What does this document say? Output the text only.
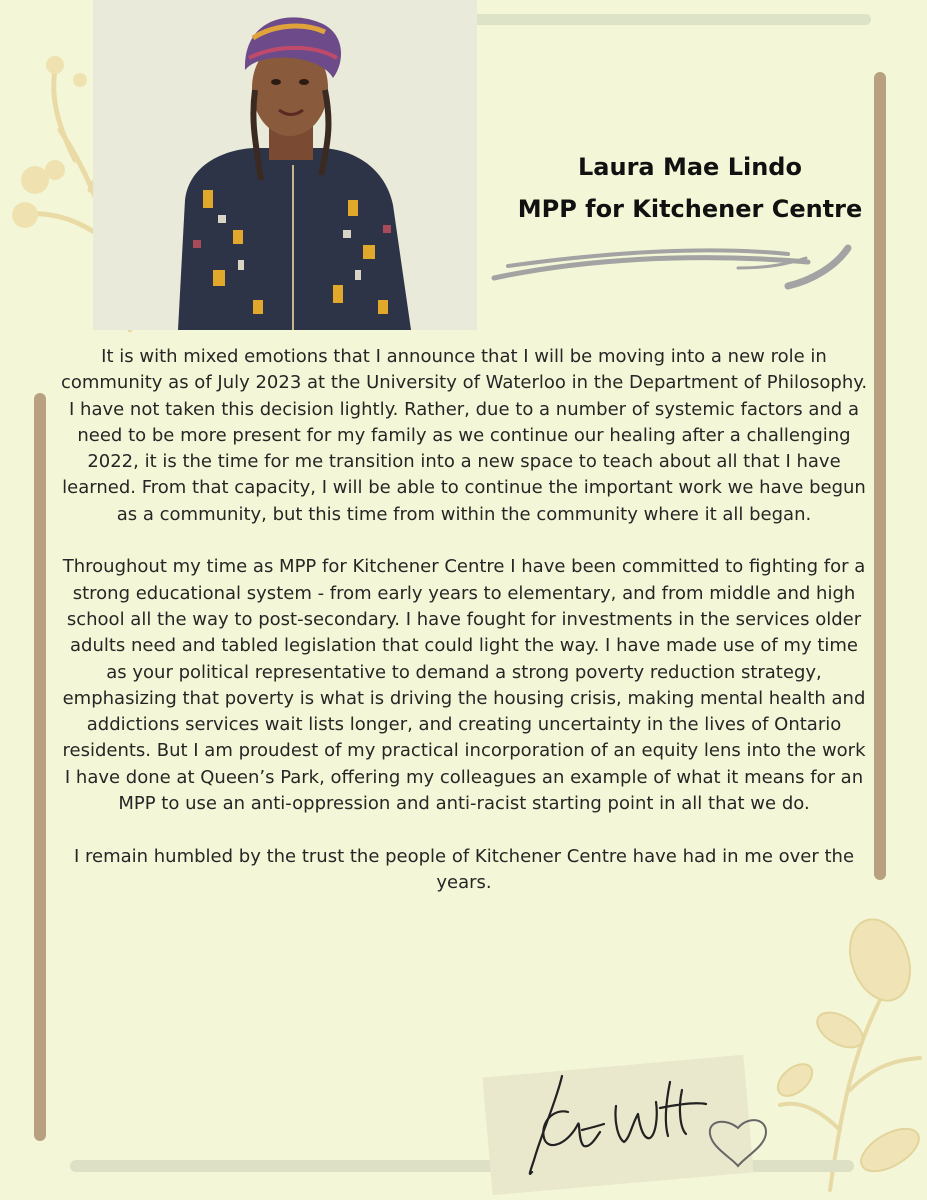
Laura Mae Lindo
MPP for Kitchener Centre

It is with mixed emotions that I announce that I will be moving into a new role in community as of July 2023 at the University of Waterloo in the Department of Philosophy. I have not taken this decision lightly. Rather, due to a number of systemic factors and a need to be more present for my family as we continue our healing after a challenging 2022, it is the time for me transition into a new space to teach about all that I have learned. From that capacity, I will be able to continue the important work we have begun as a community, but this time from within the community where it all began.

Throughout my time as MPP for Kitchener Centre I have been committed to fighting for a strong educational system - from early years to elementary, and from middle and high school all the way to post-secondary. I have fought for investments in the services older adults need and tabled legislation that could light the way. I have made use of my time as your political representative to demand a strong poverty reduction strategy, emphasizing that poverty is what is driving the housing crisis, making mental health and addictions services wait lists longer, and creating uncertainty in the lives of Ontario residents. But I am proudest of my practical incorporation of an equity lens into the work I have done at Queen’s Park, offering my colleagues an example of what it means for an MPP to use an anti-oppression and anti-racist starting point in all that we do.

I remain humbled by the trust the people of Kitchener Centre have had in me over the years.
